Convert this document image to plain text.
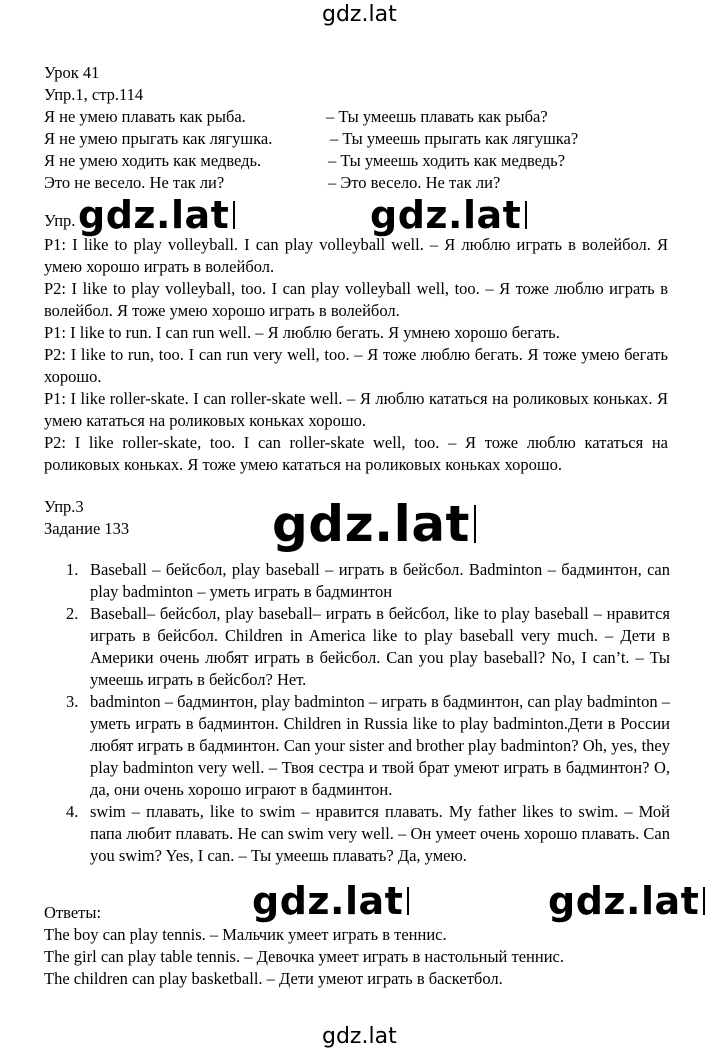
gdz.lat
Урок 41
Упр.1, стр.114
Я не умею плавать как рыба.	– Ты умеешь плавать как рыба?
Я не умею прыгать как лягушка.	– Ты умеешь прыгать как лягушка?
Я не умею ходить как медведь.	– Ты умеешь ходить как медведь?
Это не весело. Не так ли?	– Это весело. Не так ли?
Упр. gdz.lat	gdz.lat

P1: I like to play volleyball. I can play volleyball well. – Я люблю играть в волейбол. Я умею хорошо играть в волейбол.

P2: I like to play volleyball, too. I can play volleyball well, too. – Я тоже люблю играть в волейбол. Я тоже умею хорошо играть в волейбол.

P1: I like to run. I can run well. – Я люблю бегать. Я умнею хорошо бегать.

P2: I like to run, too. I can run very well, too. – Я тоже люблю бегать. Я тоже умею бегать хорошо.

P1: I like roller-skate. I can roller-skate well. – Я люблю кататься на роликовых коньках. Я умею кататься на роликовых коньках хорошо.

P2: I like roller-skate, too. I can roller-skate well, too. – Я тоже люблю кататься на роликовых коньках. Я тоже умею кататься на роликовых коньках хорошо.

Упр.3
Задание 133	gdz.lat
1. Baseball – бейсбол, play baseball – играть в бейсбол. Badminton – бадминтон, can play badminton – уметь играть в бадминтон
2. Baseball– бейсбол, play baseball– играть в бейсбол, like to play baseball – нравится играть в бейсбол. Children in America like to play baseball very much. – Дети в Америки очень любят играть в бейсбол. Can you play baseball? No, I can’t. – Ты умеешь играть в бейсбол? Нет.
3. badminton – бадминтон, play badminton – играть в бадминтон, can play badminton – уметь играть в бадминтон. Children in Russia like to play badminton.Дети в России любят играть в бадминтон. Can your sister and brother play badminton? Oh, yes, they play badminton very well. – Твоя сестра и твой брат умеют играть в бадминтон? О, да, они очень хорошо играют в бадминтон.
4. swim – плавать, like to swim – нравится плавать. My father likes to swim. – Мой папа любит плавать. He can swim very well. – Он умеет очень хорошо плавать. Can you swim? Yes, I can. – Ты умеешь плавать? Да, умею.
gdz.lat	gdz.lat
Ответы:
The boy can play tennis. – Мальчик умеет играть в теннис.
The girl can play table tennis. – Девочка умеет играть в настольный теннис.
The children can play basketball. – Дети умеют играть в баскетбол.
gdz.lat
